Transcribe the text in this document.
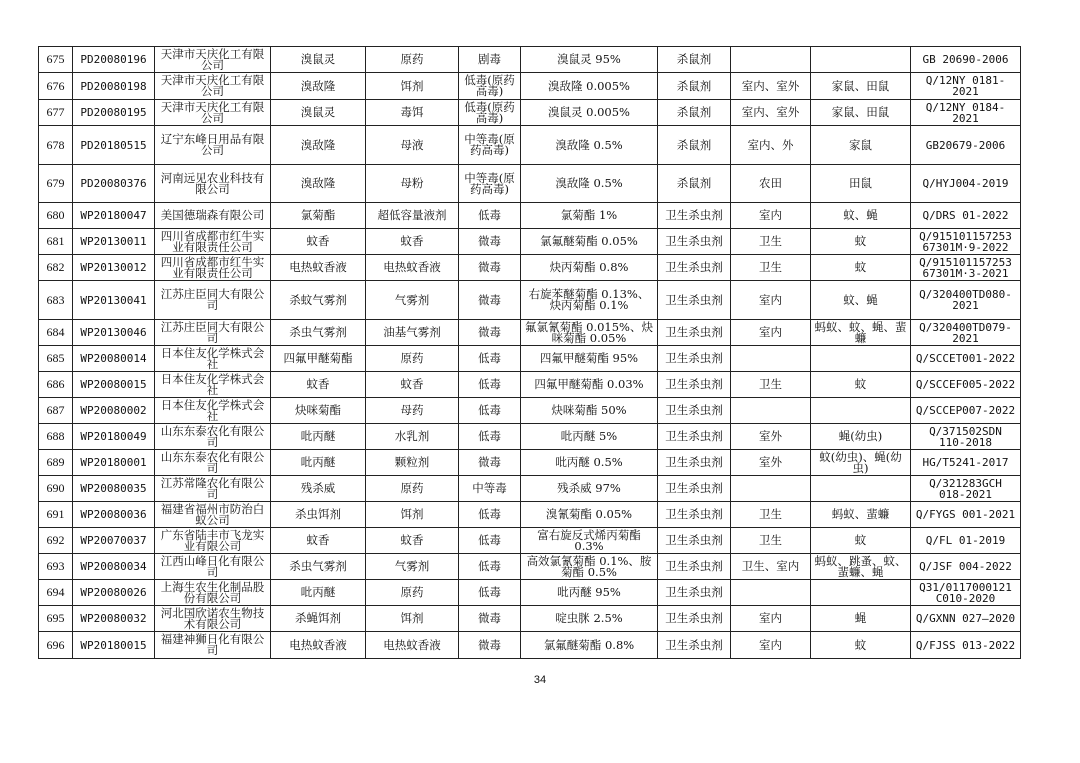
675	PD20080196	天津市天庆化工有限公司	溴鼠灵	原药	剧毒	溴鼠灵 95%	杀鼠剂			GB 20690-2006
676	PD20080198	天津市天庆化工有限公司	溴敌隆	饵剂	低毒(原药高毒)	溴敌隆 0.005%	杀鼠剂	室内、室外	家鼠、田鼠	Q/12NY 0181-2021
677	PD20080195	天津市天庆化工有限公司	溴鼠灵	毒饵	低毒(原药高毒)	溴鼠灵 0.005%	杀鼠剂	室内、室外	家鼠、田鼠	Q/12NY 0184-2021
678	PD20180515	辽宁东峰日用品有限公司	溴敌隆	母液	中等毒(原药高毒)	溴敌隆 0.5%	杀鼠剂	室内、外	家鼠	GB20679-2006
679	PD20080376	河南远见农业科技有限公司	溴敌隆	母粉	中等毒(原药高毒)	溴敌隆 0.5%	杀鼠剂	农田	田鼠	Q/HYJ004-2019
680	WP20180047	美国德瑞森有限公司	氯菊酯	超低容量液剂	低毒	氯菊酯 1%	卫生杀虫剂	室内	蚊、蝇	Q/DRS 01-2022
681	WP20130011	四川省成都市红牛实业有限责任公司	蚊香	蚊香	微毒	氯氟醚菊酯 0.05%	卫生杀虫剂	卫生	蚊	Q/915101157253 67301M·9-2022
682	WP20130012	四川省成都市红牛实业有限责任公司	电热蚊香液	电热蚊香液	微毒	炔丙菊酯 0.8%	卫生杀虫剂	卫生	蚊	Q/915101157253 67301M·3-2021
683	WP20130041	江苏庄臣同大有限公司	杀蚊气雾剂	气雾剂	微毒	右旋苯醚菊酯 0.13%、炔丙菊酯 0.1%	卫生杀虫剂	室内	蚊、蝇	Q/320400TD080-2021
684	WP20130046	江苏庄臣同大有限公司	杀虫气雾剂	油基气雾剂	微毒	氟氯氰菊酯 0.015%、炔咪菊酯 0.05%	卫生杀虫剂	室内	蚂蚁、蚊、蝇、蜚蠊	Q/320400TD079-2021
685	WP20080014	日本住友化学株式会社	四氟甲醚菊酯	原药	低毒	四氟甲醚菊酯 95%	卫生杀虫剂			Q/SCCET001-2022
686	WP20080015	日本住友化学株式会社	蚊香	蚊香	低毒	四氟甲醚菊酯 0.03%	卫生杀虫剂	卫生	蚊	Q/SCCEF005-2022
687	WP20080002	日本住友化学株式会社	炔咪菊酯	母药	低毒	炔咪菊酯 50%	卫生杀虫剂			Q/SCCEP007-2022
688	WP20180049	山东东泰农化有限公司	吡丙醚	水乳剂	低毒	吡丙醚 5%	卫生杀虫剂	室外	蝇(幼虫)	Q/371502SDN 110-2018
689	WP20180001	山东东泰农化有限公司	吡丙醚	颗粒剂	微毒	吡丙醚 0.5%	卫生杀虫剂	室外	蚊(幼虫)、蝇(幼虫)	HG/T5241-2017
690	WP20080035	江苏常隆农化有限公司	残杀威	原药	中等毒	残杀威 97%	卫生杀虫剂			Q/321283GCH 018-2021
691	WP20080036	福建省福州市防治白蚁公司	杀虫饵剂	饵剂	低毒	溴氰菊酯 0.05%	卫生杀虫剂	卫生	蚂蚁、蜚蠊	Q/FYGS 001-2021
692	WP20070037	广东省陆丰市飞龙实业有限公司	蚊香	蚊香	低毒	富右旋反式烯丙菊酯 0.3%	卫生杀虫剂	卫生	蚊	Q/FL 01-2019
693	WP20080034	江西山峰日化有限公司	杀虫气雾剂	气雾剂	低毒	高效氯氰菊酯 0.1%、胺菊酯 0.5%	卫生杀虫剂	卫生、室内	蚂蚁、跳蚤、蚊、蜚蠊、蝇	Q/JSF 004-2022
694	WP20080026	上海生农生化制品股份有限公司	吡丙醚	原药	低毒	吡丙醚 95%	卫生杀虫剂			Q31/0117000121 C010-2020
695	WP20080032	河北国欣诺农生物技术有限公司	杀蝇饵剂	饵剂	微毒	啶虫脒 2.5%	卫生杀虫剂	室内	蝇	Q/GXNN 027—2020
696	WP20180015	福建神狮日化有限公司	电热蚊香液	电热蚊香液	微毒	氯氟醚菊酯 0.8%	卫生杀虫剂	室内	蚊	Q/FJSS 013-2022
34
